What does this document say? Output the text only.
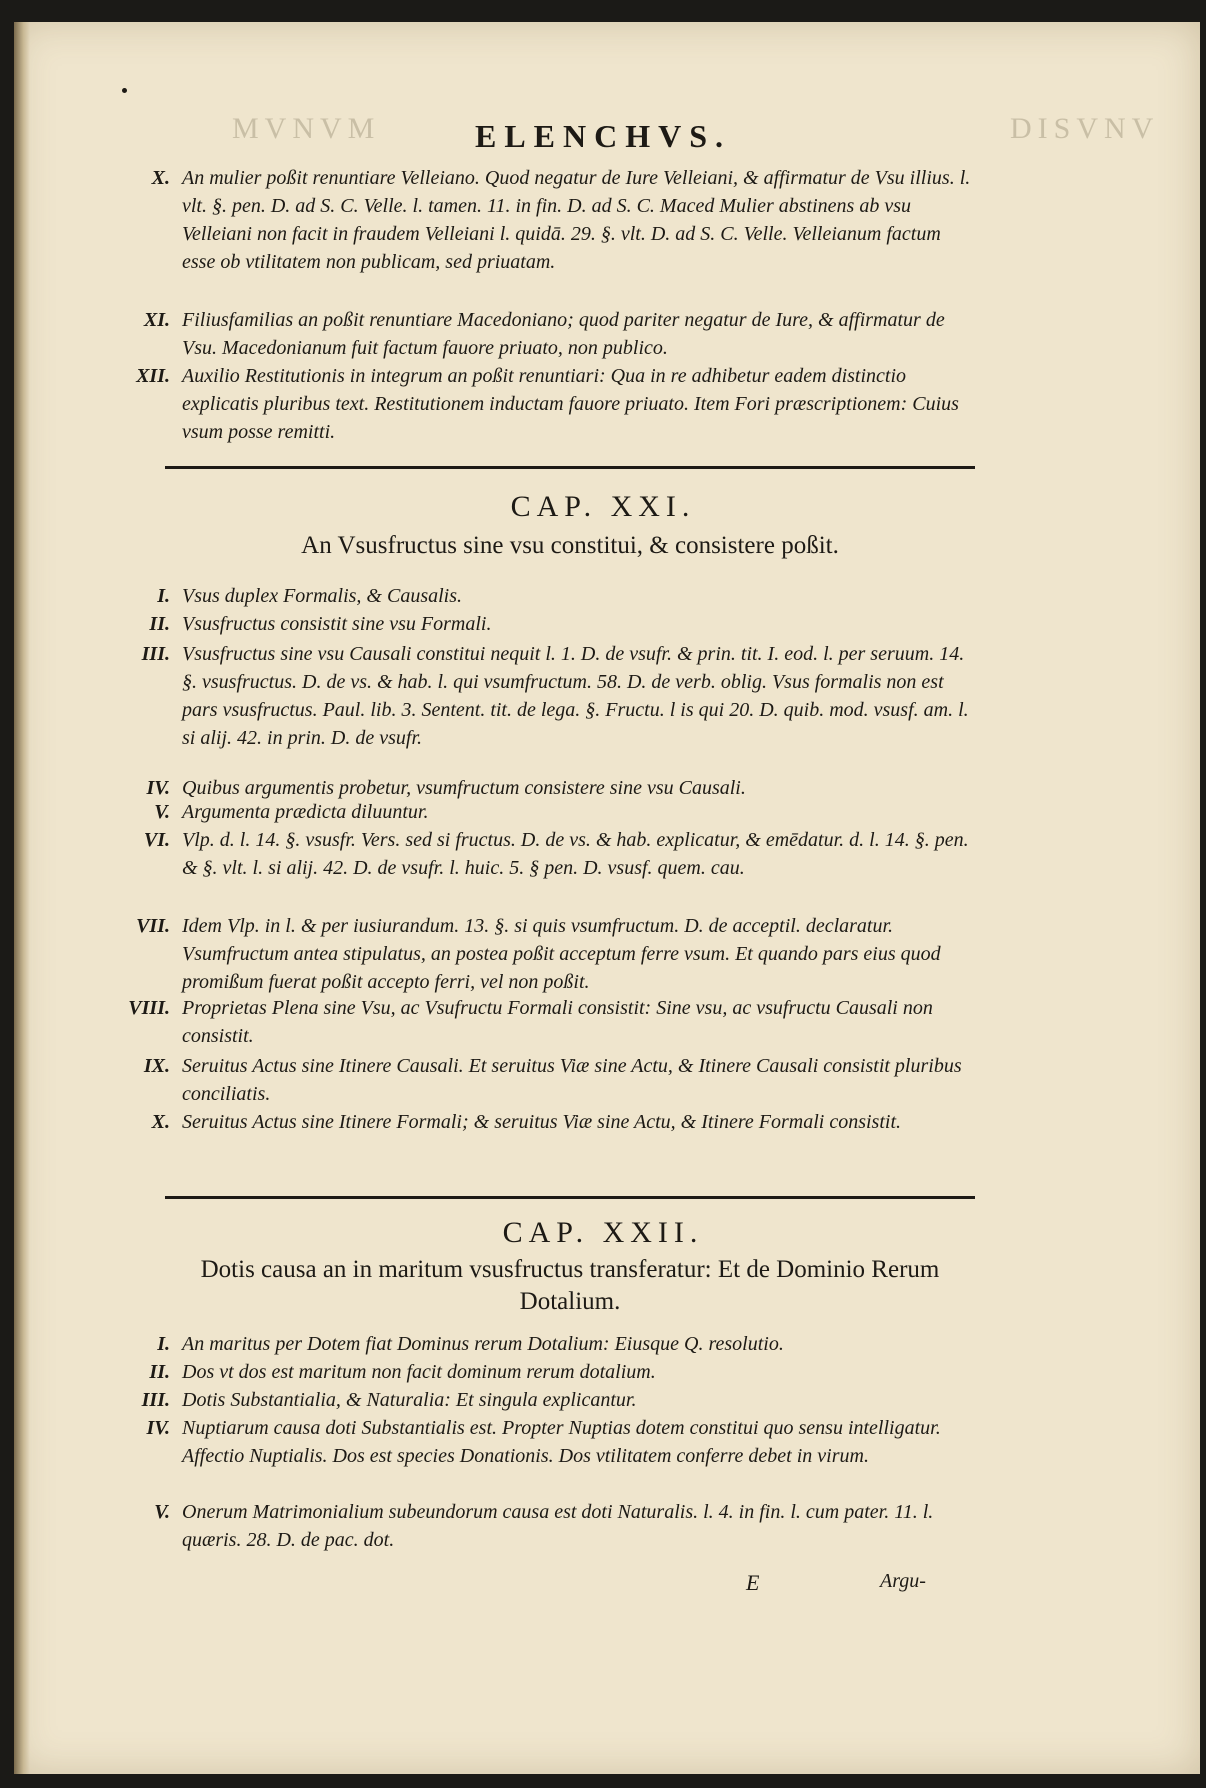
MVNVM	DISVNV
ELENCHVS.
X. An mulier poßit renuntiare Velleiano. Quod negatur de Iure Velleiani, & affirmatur de Vsu illius. l. vlt. §. pen. D. ad S. C. Velle. l. tamen. 11. in fin. D. ad S. C. Maced Mulier abstinens ab vsu Velleiani non facit in fraudem Velleiani l. quidā. 29. §. vlt. D. ad S. C. Velle. Velleianum factum esse ob vtilitatem non publicam, sed priuatam.
XI. Filiusfamilias an poßit renuntiare Macedoniano; quod pariter negatur de Iure, & affirmatur de Vsu. Macedonianum fuit factum fauore priuato, non publico.
XII. Auxilio Restitutionis in integrum an poßit renuntiari: Qua in re adhibetur eadem distinctio explicatis pluribus text. Restitutionem inductam fauore priuato. Item Fori præscriptionem: Cuius vsum posse remitti.
CAP. XXI.
An Vsusfructus sine vsu constitui, & consistere poßit.
I. Vsus duplex Formalis, & Causalis.
II. Vsusfructus consistit sine vsu Formali.
III. Vsusfructus sine vsu Causali constitui nequit l. 1. D. de vsufr. & prin. tit. I. eod. l. per seruum. 14. §. vsusfructus. D. de vs. & hab. l. qui vsumfructum. 58. D. de verb. oblig. Vsus formalis non est pars vsusfructus. Paul. lib. 3. Sentent. tit. de lega. §. Fructu. l is qui 20. D. quib. mod. vsusf. am. l. si alij. 42. in prin. D. de vsufr.
IV. Quibus argumentis probetur, vsumfructum consistere sine vsu Causali.
V. Argumenta prædicta diluuntur.
VI. Vlp. d. l. 14. §. vsusfr. Vers. sed si fructus. D. de vs. & hab. explicatur, & emēdatur. d. l. 14. §. pen. & §. vlt. l. si alij. 42. D. de vsufr. l. huic. 5. § pen. D. vsusf. quem. cau.
VII. Idem Vlp. in l. & per iusiurandum. 13. §. si quis vsumfructum. D. de acceptil. declaratur. Vsumfructum antea stipulatus, an postea poßit acceptum ferre vsum. Et quando pars eius quod promißum fuerat poßit accepto ferri, vel non poßit.
VIII. Proprietas Plena sine Vsu, ac Vsufructu Formali consistit: Sine vsu, ac vsufructu Causali non consistit.
IX. Seruitus Actus sine Itinere Causali. Et seruitus Viæ sine Actu, & Itinere Causali consistit pluribus conciliatis.
X. Seruitus Actus sine Itinere Formali; & seruitus Viæ sine Actu, & Itinere Formali consistit.
CAP. XXII.
Dotis causa an in maritum vsusfructus transferatur: Et de Dominio Rerum Dotalium.
I. An maritus per Dotem fiat Dominus rerum Dotalium: Eiusque Q. resolutio.
II. Dos vt dos est maritum non facit dominum rerum dotalium.
III. Dotis Substantialia, & Naturalia: Et singula explicantur.
IV. Nuptiarum causa doti Substantialis est. Propter Nuptias dotem constitui quo sensu intelligatur. Affectio Nuptialis. Dos est species Donationis. Dos vtilitatem conferre debet in virum.
V. Onerum Matrimonialium subeundorum causa est doti Naturalis. l. 4. in fin. l. cum pater. 11. l. quæris. 28. D. de pac. dot.
E	Argu-
